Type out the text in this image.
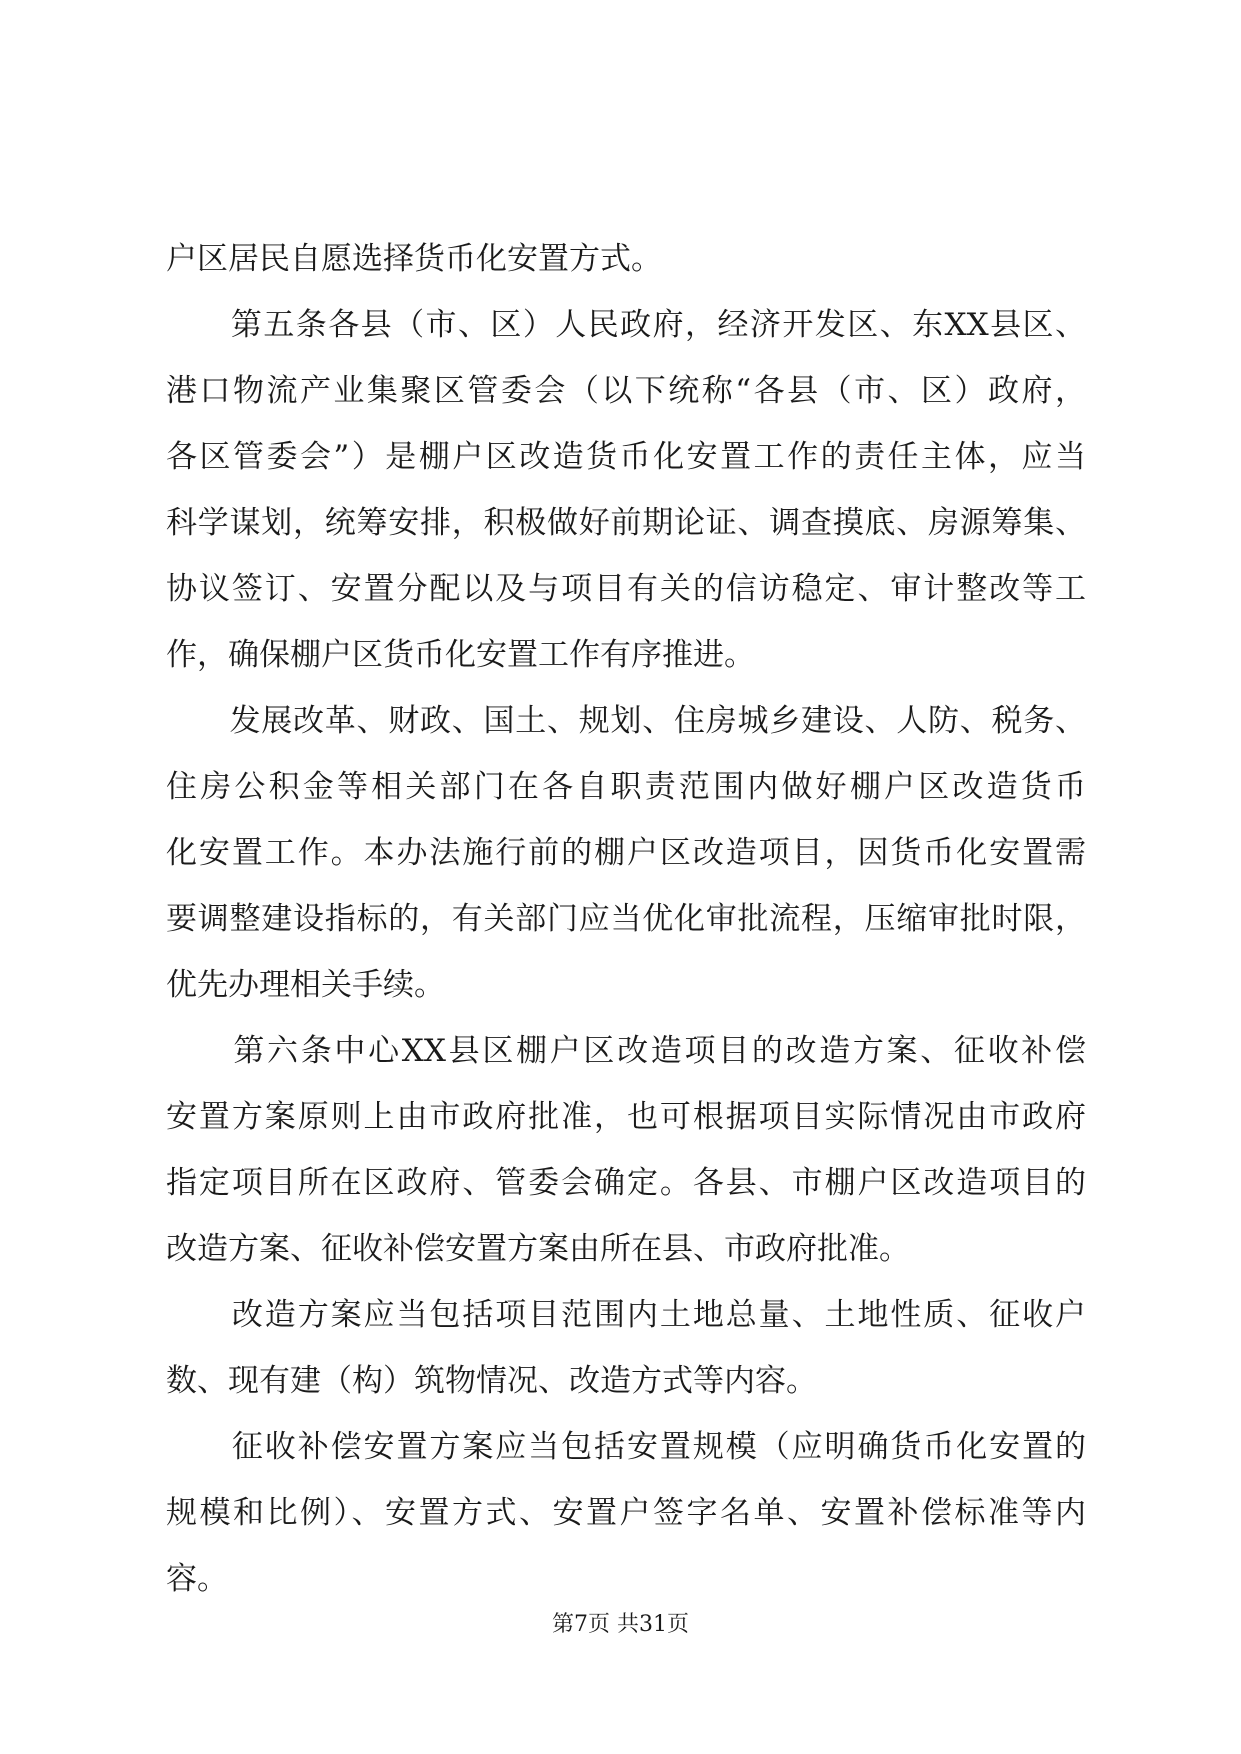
户区居民自愿选择货币化安置方式。
　　第五条各县（市、区）人民政府，经济开发区、东XX县区、
港口物流产业集聚区管委会（以下统称“各县（市、区）政府，
各区管委会”）是棚户区改造货币化安置工作的责任主体，应当
科学谋划，统筹安排，积极做好前期论证、调查摸底、房源筹集、
协议签订、安置分配以及与项目有关的信访稳定、审计整改等工
作，确保棚户区货币化安置工作有序推进。
　　发展改革、财政、国土、规划、住房城乡建设、人防、税务、
住房公积金等相关部门在各自职责范围内做好棚户区改造货币
化安置工作。本办法施行前的棚户区改造项目，因货币化安置需
要调整建设指标的，有关部门应当优化审批流程，压缩审批时限，
优先办理相关手续。
　　第六条中心XX县区棚户区改造项目的改造方案、征收补偿
安置方案原则上由市政府批准，也可根据项目实际情况由市政府
指定项目所在区政府、管委会确定。各县、市棚户区改造项目的
改造方案、征收补偿安置方案由所在县、市政府批准。
　　改造方案应当包括项目范围内土地总量、土地性质、征收户
数、现有建（构）筑物情况、改造方式等内容。
　　征收补偿安置方案应当包括安置规模（应明确货币化安置的
规模和比例）、安置方式、安置户签字名单、安置补偿标准等内
容。
第7页 共31页
